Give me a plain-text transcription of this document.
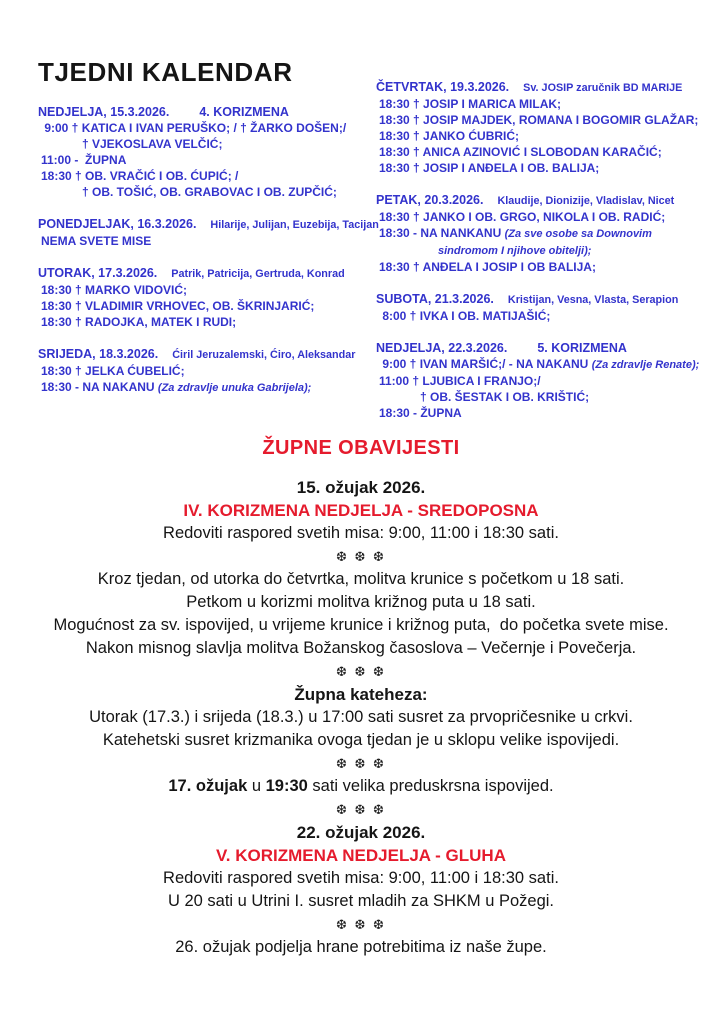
TJEDNI KALENDAR
NEDJELJA, 15.3.2026. 4. KORIZMENA
9:00 † KATICA I IVAN PERUŠKO; / † ŽARKO DOŠEN;/
† VJEKOSLAVA VELČIĆ;
11:00 -  ŽUPNA
18:30 † OB. VRAČIĆ I OB. ĆUPIĆ; /
† OB. TOŠIĆ, OB. GRABOVAC I OB. ZUPČIĆ;
PONEDJELJAK, 16.3.2026. Hilarije, Julijan, Euzebija, Tacijan
NEMA SVETE MISE
UTORAK, 17.3.2026. Patrik, Patricija, Gertruda, Konrad
18:30 † MARKO VIDOVIĆ;
18:30 † VLADIMIR VRHOVEC, OB. ŠKRINJARIĆ;
18:30 † RADOJKA, MATEK I RUDI;
SRIJEDA, 18.3.2026. Ćiril Jeruzalemski, Ćiro, Aleksandar
18:30 † JELKA ĆUBELIĆ;
18:30 - NA NAKANU (Za zdravlje unuka Gabrijela);
ČETVRTAK, 19.3.2026. Sv. JOSIP zaručnik BD MARIJE
18:30 † JOSIP I MARICA MILAK;
18:30 † JOSIP MAJDEK, ROMANA I BOGOMIR GLAŽAR;
18:30 † JANKO ĆUBRIĆ;
18:30 † ANICA AZINOVIĆ I SLOBODAN KARAČIĆ;
18:30 † JOSIP I ANĐELA I OB. BALIJA;
PETAK, 20.3.2026. Klaudije, Dionizije, Vladislav, Nicet
18:30 † JANKO I OB. GRGO, NIKOLA I OB. RADIĆ;
18:30 - NA NANKANU (Za sve osobe sa Downovim
sindromom I njihove obitelji);
18:30 † ANĐELA I JOSIP I OB BALIJA;
SUBOTA, 21.3.2026. Kristijan, Vesna, Vlasta, Serapion
8:00 † IVKA I OB. MATIJAŠIĆ;
NEDJELJA, 22.3.2026. 5. KORIZMENA
9:00 † IVAN MARŠIĆ;/ - NA NAKANU (Za zdravlje Renate);
11:00 † LJUBICA I FRANJO;/
† OB. ŠESTAK I OB. KRIŠTIĆ;
18:30 - ŽUPNA
ŽUPNE OBAVIJESTI
15. ožujak 2026.
IV. KORIZMENA NEDJELJA - SREDOPOSNA
Redoviti raspored svetih misa: 9:00, 11:00 i 18:30 sati.
❆ ❆ ❆
Kroz tjedan, od utorka do četvrtka, molitva krunice s početkom u 18 sati.
Petkom u korizmi molitva križnog puta u 18 sati.
Mogućnost za sv. ispovijed, u vrijeme krunice i križnog puta,  do početka svete mise.
Nakon misnog slavlja molitva Božanskog časoslova – Večernje i Povečerja.
❆ ❆ ❆
Župna kateheza:
Utorak (17.3.) i srijeda (18.3.) u 17:00 sati susret za prvopričesnike u crkvi.
Katehetski susret krizmanika ovoga tjedan je u sklopu velike ispovijedi.
❆ ❆ ❆
17. ožujak u 19:30 sati velika preduskrsna ispovijed.
❆ ❆ ❆
22. ožujak 2026.
V. KORIZMENA NEDJELJA - GLUHA
Redoviti raspored svetih misa: 9:00, 11:00 i 18:30 sati.
U 20 sati u Utrini I. susret mladih za SHKM u Požegi.
❆ ❆ ❆
26. ožujak podjelja hrane potrebitima iz naše župe.
